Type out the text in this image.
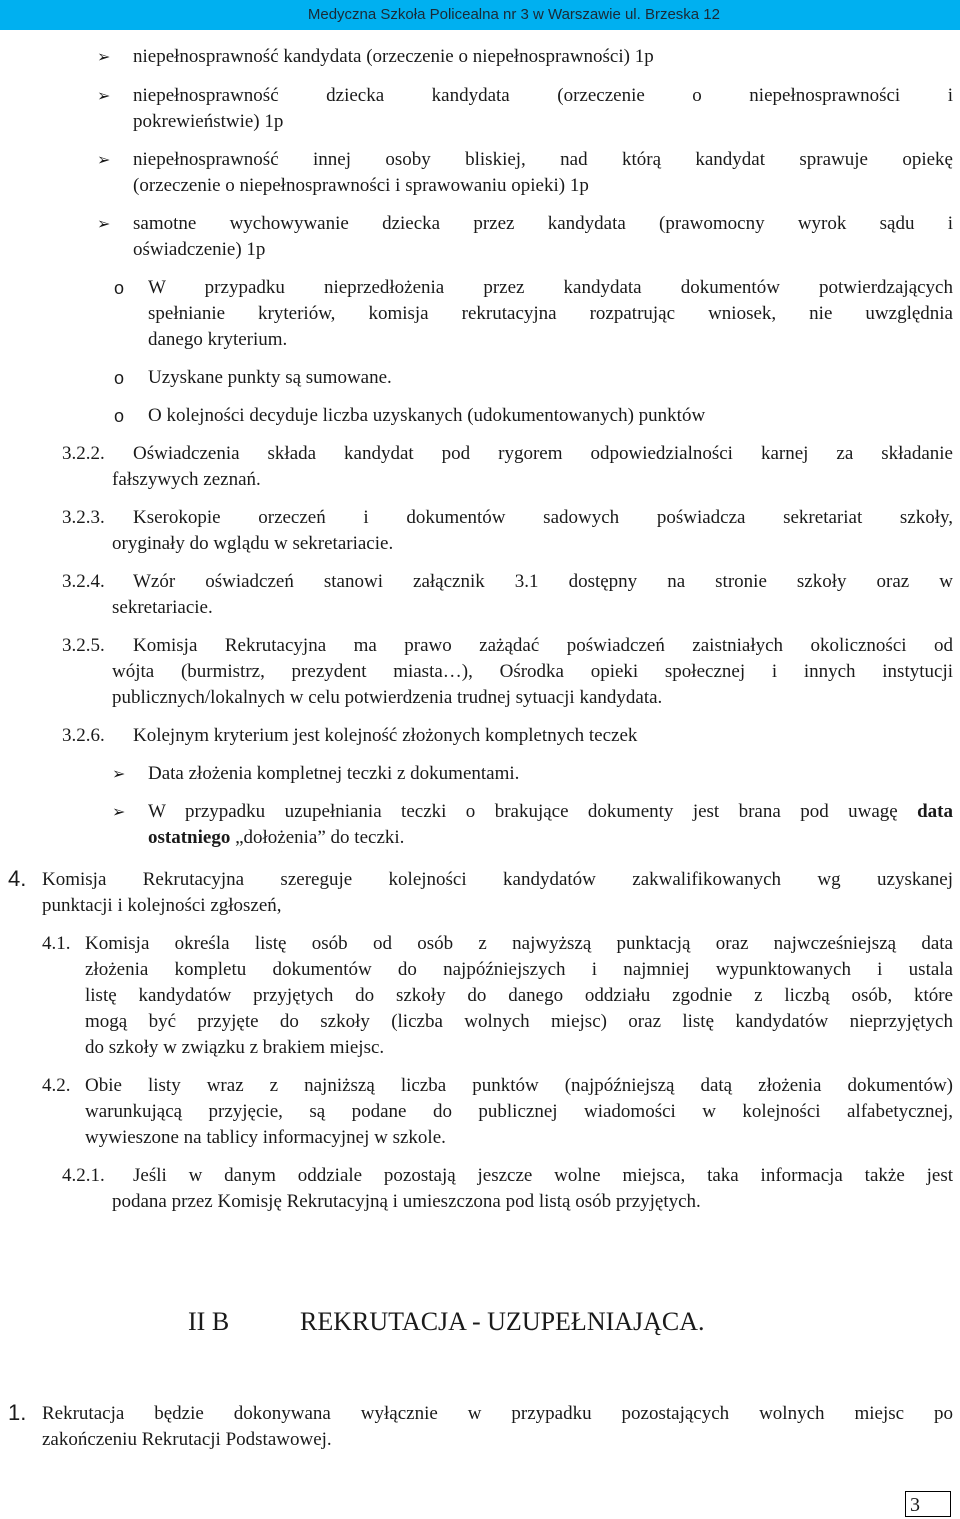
Medyczna Szkoła Policealna nr 3 w Warszawie ul. Brzeska 12
➢ niepełnosprawność kandydata (orzeczenie o niepełnosprawności) 1p
➢ niepełnosprawność dziecka kandydata (orzeczenie o niepełnosprawności i
pokrewieństwie) 1p
➢ niepełnosprawność innej osoby bliskiej, nad którą kandydat sprawuje opiekę
(orzeczenie o niepełnosprawności i sprawowaniu opieki) 1p
➢ samotne wychowywanie dziecka przez kandydata (prawomocny wyrok sądu i
oświadczenie) 1p
o W przypadku nieprzedłożenia przez kandydata dokumentów potwierdzających
spełnianie kryteriów, komisja rekrutacyjna rozpatrując wniosek, nie uwzględnia
danego kryterium.
o Uzyskane punkty są sumowane.
o O kolejności decyduje liczba uzyskanych (udokumentowanych) punktów
3.2.2. Oświadczenia składa kandydat pod rygorem odpowiedzialności karnej za składanie
fałszywych zeznań.
3.2.3. Kserokopie orzeczeń i dokumentów sadowych poświadcza sekretariat szkoły,
oryginały do wglądu w sekretariacie.
3.2.4. Wzór oświadczeń stanowi załącznik 3.1 dostępny na stronie szkoły oraz w
sekretariacie.
3.2.5. Komisja Rekrutacyjna ma prawo zażądać poświadczeń zaistniałych okoliczności od
wójta (burmistrz, prezydent miasta…), Ośrodka opieki społecznej i innych instytucji
publicznych/lokalnych w celu potwierdzenia trudnej sytuacji kandydata.
3.2.6. Kolejnym kryterium jest kolejność złożonych kompletnych teczek
➢ Data złożenia kompletnej teczki z dokumentami.
➢ W przypadku uzupełniania teczki o brakujące dokumenty jest brana pod uwagę data
ostatniego „dołożenia” do teczki.
4. Komisja Rekrutacyjna szereguje kolejności kandydatów zakwalifikowanych wg uzyskanej
punktacji i kolejności zgłoszeń,
4.1. Komisja określa listę osób od osób z najwyższą punktacją oraz najwcześniejszą data
złożenia kompletu dokumentów do najpóźniejszych i najmniej wypunktowanych i ustala
listę kandydatów przyjętych do szkoły do danego oddziału zgodnie z liczbą osób, które
mogą być przyjęte do szkoły (liczba wolnych miejsc) oraz listę kandydatów nieprzyjętych
do szkoły w związku z brakiem miejsc.
4.2. Obie listy wraz z najniższą liczba punktów (najpóźniejszą datą złożenia dokumentów)
warunkującą przyjęcie, są podane do publicznej wiadomości w kolejności alfabetycznej,
wywieszone na tablicy informacyjnej w szkole.
4.2.1. Jeśli w danym oddziale pozostają jeszcze wolne miejsca, taka informacja także jest
podana przez Komisję Rekrutacyjną i umieszczona pod listą osób przyjętych.
II B	REKRUTACJA - UZUPEŁNIAJĄCA.
1. Rekrutacja będzie dokonywana wyłącznie w przypadku pozostających wolnych miejsc po
zakończeniu Rekrutacji Podstawowej.
3
